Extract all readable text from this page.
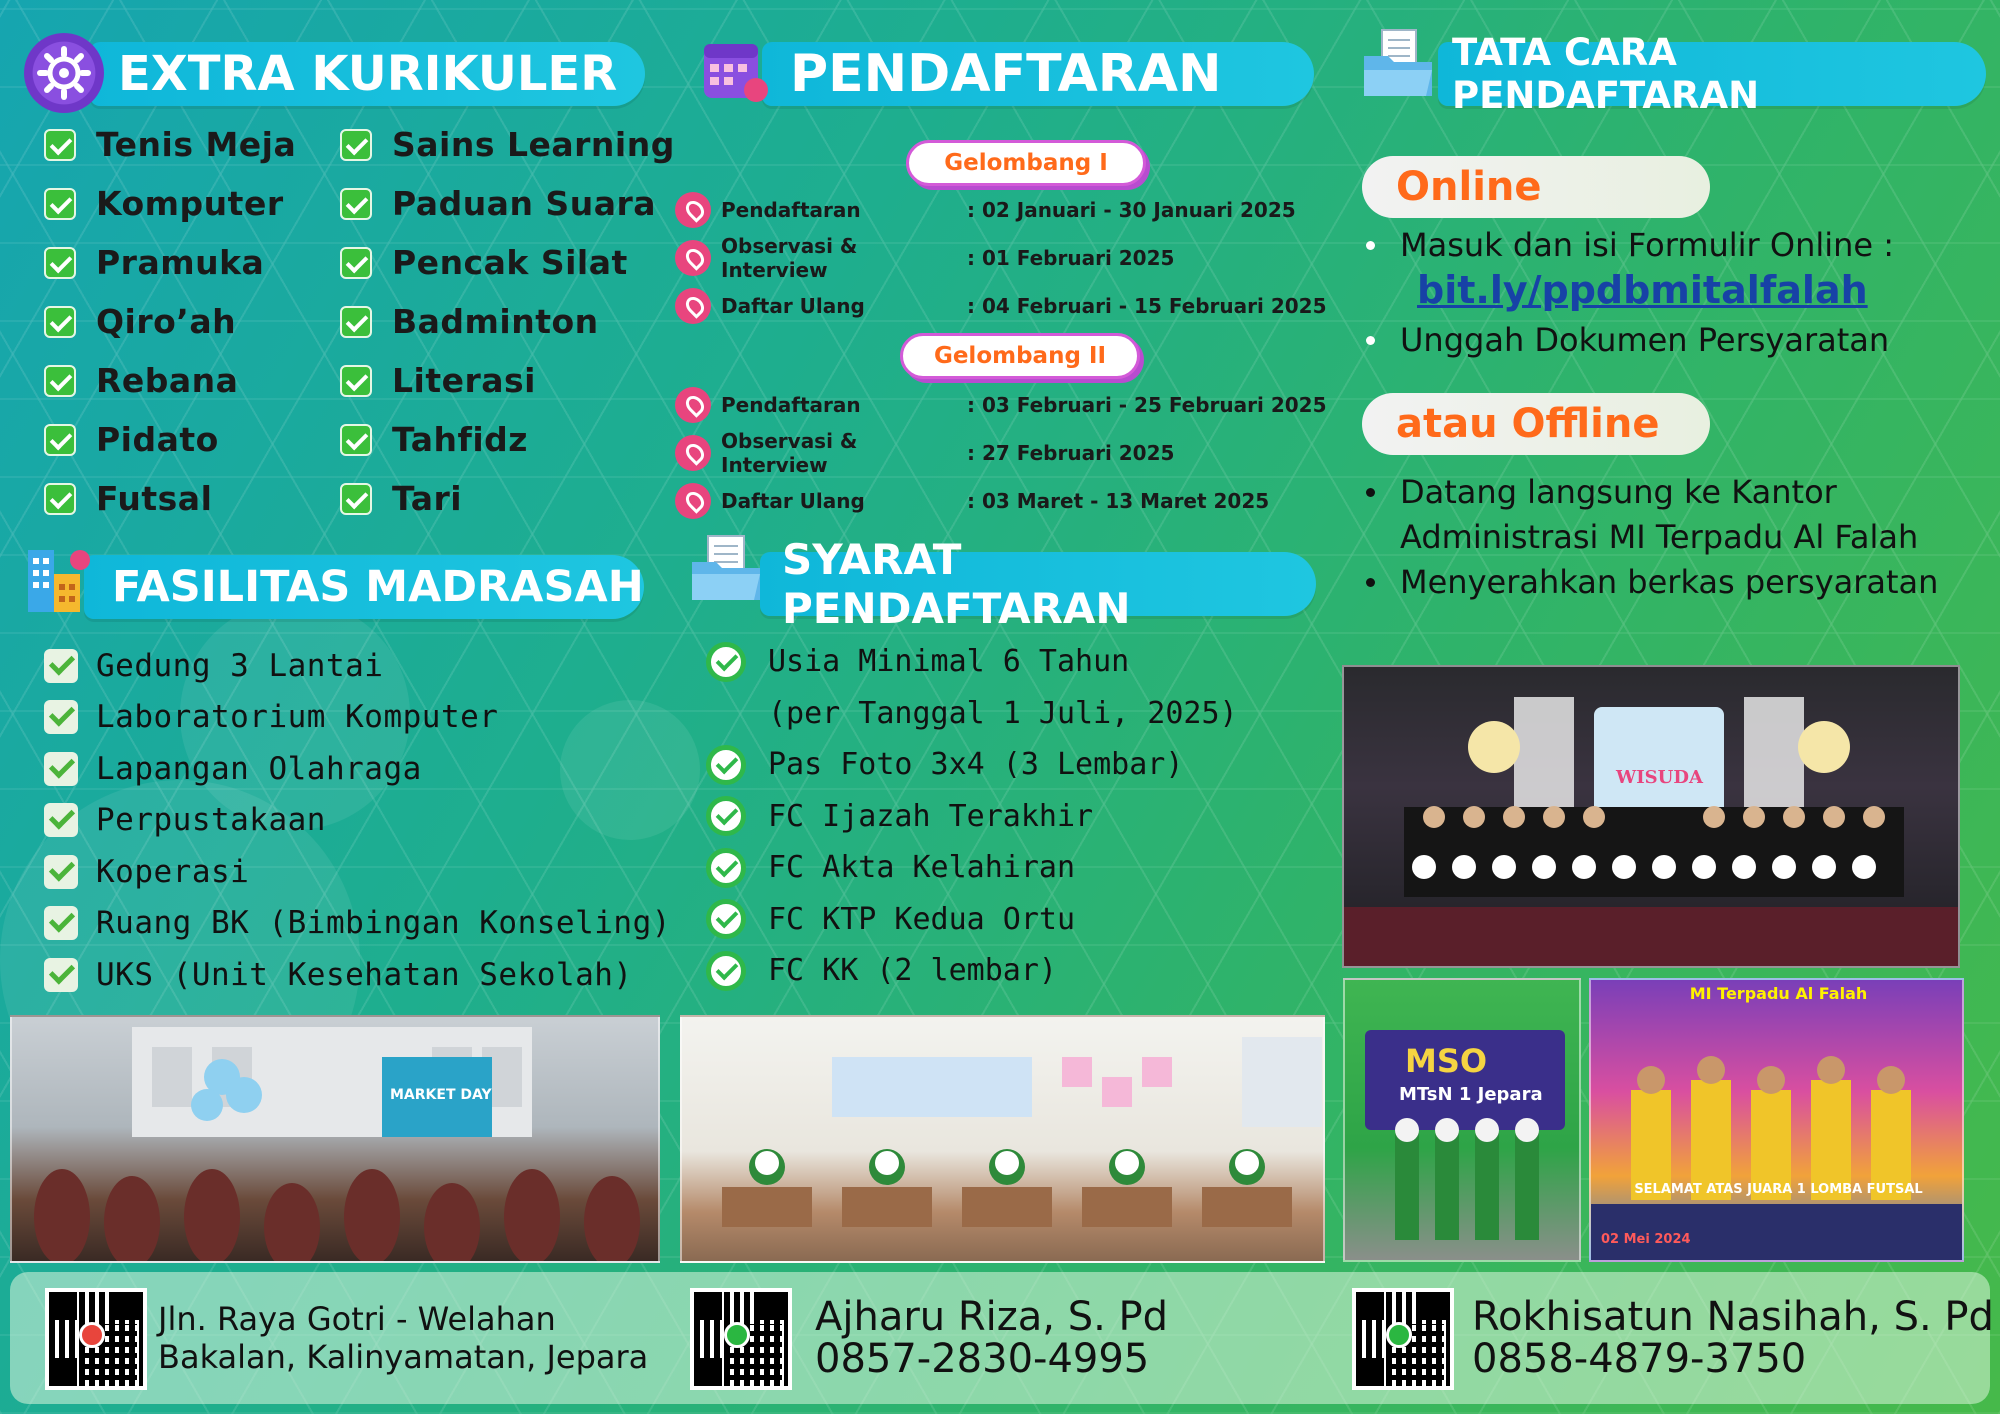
EXTRA KURIKULER
Tenis Meja
Komputer
Pramuka
Qiro’ah
Rebana
Pidato
Futsal
Sains Learning
Paduan Suara
Pencak Silat
Badminton
Literasi
Tahfidz
Tari
FASILITAS MADRASAH
Gedung 3 Lantai
Laboratorium Komputer
Lapangan Olahraga
Perpustakaan
Koperasi
Ruang BK (Bimbingan Konseling)
UKS (Unit Kesehatan Sekolah)
PENDAFTARAN
Gelombang I
Pendaftaran	: 02 Januari - 30 Januari 2025
Observasi & Interview	: 01 Februari 2025
Daftar Ulang	: 04 Februari - 15 Februari 2025
Gelombang II
Pendaftaran	: 03 Februari - 25 Februari 2025
Observasi & Interview	: 27 Februari 2025
Daftar Ulang	: 03 Maret - 13 Maret 2025
SYARAT PENDAFTARAN
Usia Minimal 6 Tahun
(per Tanggal 1 Juli, 2025)
Pas Foto 3x4 (3 Lembar)
FC Ijazah Terakhir
FC Akta Kelahiran
FC KTP Kedua Ortu
FC KK (2 lembar)
TATA CARA PENDAFTARAN
Online
Masuk dan isi Formulir Online :
bit.ly/ppdbmitalfalah
Unggah Dokumen Persyaratan
atau Offline
Datang langsung ke Kantor Administrasi MI Terpadu Al Falah
Menyerahkan berkas persyaratan
WISUDA
MSO
MTsN 1 Jepara
MI Terpadu Al Falah
SELAMAT ATAS JUARA 1 LOMBA FUTSAL
02 Mei 2024
MARKET DAY
Jln. Raya Gotri - Welahan
Bakalan, Kalinyamatan, Jepara
Ajharu Riza, S. Pd
0857-2830-4995
Rokhisatun Nasihah, S. Pd
0858-4879-3750
